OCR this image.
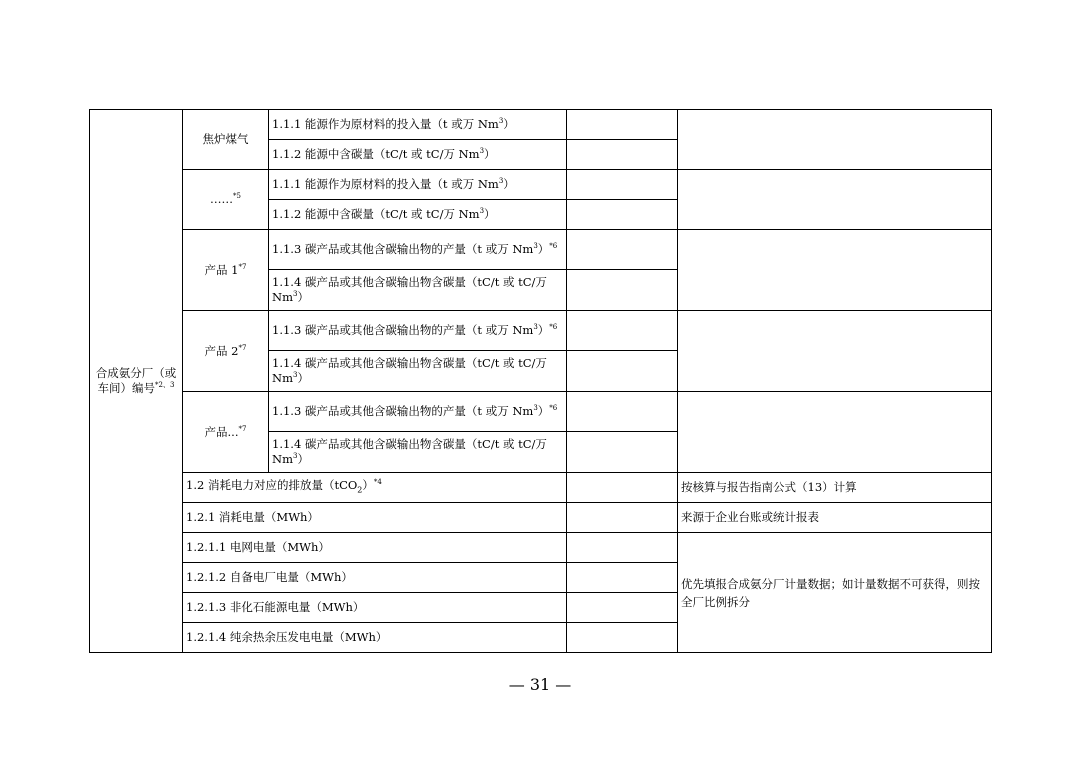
合成氨分厂（或车间）编号$^{*2、3}$	焦炉煤气	1.1.1 能源作为原材料的投入量（t 或万 Nm$^3$）		
		1.1.2 能源中含碳量（tC/t 或 tC/万 Nm$^3$）		
	……$^{*5}$	1.1.1 能源作为原材料的投入量（t 或万 Nm$^3$）		
		1.1.2 能源中含碳量（tC/t 或 tC/万 Nm$^3$）		
	产品 1$^{*7}$	1.1.3 碳产品或其他含碳输出物的产量（t 或万 Nm$^3$）$^{*6}$		
		1.1.4 碳产品或其他含碳输出物含碳量（tC/t 或 tC/万 Nm$^3$）		
	产品 2$^{*7}$	1.1.3 碳产品或其他含碳输出物的产量（t 或万 Nm$^3$）$^{*6}$		
		1.1.4 碳产品或其他含碳输出物含碳量（tC/t 或 tC/万 Nm$^3$）		
	产品...$^{*7}$	1.1.3 碳产品或其他含碳输出物的产量（t 或万 Nm$^3$）$^{*6}$		
		1.1.4 碳产品或其他含碳输出物含碳量（tC/t 或 tC/万 Nm$^3$）		
	1.2 消耗电力对应的排放量$(tCO_2)^{*4}$			按核算与报告指南公式（13）计算
	1.2.1 消耗电量（MWh）			来源于企业台账或统计报表
	1.2.1.1 电网电量（MWh）			优先填报合成氨分厂计量数据；如计量数据不可获得，则按全厂比例拆分
	1.2.1.2 自备电厂电量（MWh）			
	1.2.1.3 非化石能源电量（MWh）			
	1.2.1.4 纯余热余压发电电量（MWh）			
— 31 —
